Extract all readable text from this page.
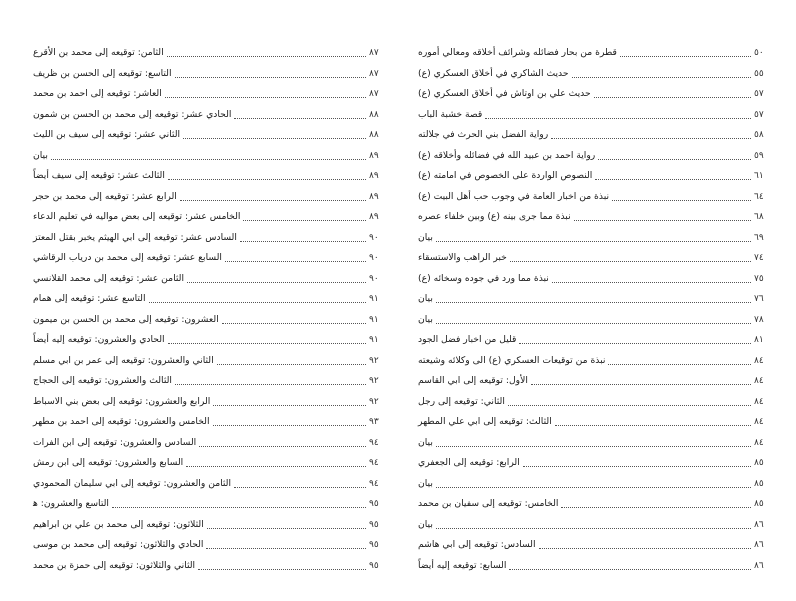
قطرة من بحار فضائله وشرائف أخلاقه ومعالي أموره	٥٠
حديث الشاكري في أخلاق العسكري (ع)	٥٥
حديث علي بن اوتاش في أخلاق العسكري (ع)	٥٧
قصة خشبة الباب	٥٧
رواية الفضل بني الحرث في جلالته	٥٨
رواية احمد بن عبيد الله في فضائله وأخلاقه (ع)	٥٩
النصوص الواردة على الخصوص في امامته (ع)	٦١
نبذة من اخبار العامة في وجوب حب أهل البيت (ع)	٦٤
نبذة مما جرى بينه (ع) وبين خلفاء عصره	٦٨
بيان	٦٩
خبر الراهب والاستسقاء	٧٤
نبذة مما ورد في جوده وسخائه (ع)	٧٥
بيان	٧٦
بيان	٧٨
قليل من اخبار فضل الجود	٨١
نبذة من توقيعات العسكري (ع) الى وكلائه وشيعته	٨٤
الأول: توقيعه إلى ابي القاسم	٨٤
الثاني: توقيعه إلى رجل	٨٤
الثالث: توقيعه إلى ابي علي المطهر	٨٤
بيان	٨٤
الرابع: توقيعه إلى الجعفري	٨٥
بيان	٨٥
الخامس: توقيعه إلى سفيان بن محمد	٨٥
بيان	٨٦
السادس: توقيعه إلى ابي هاشم	٨٦
السابع: توقيعه إليه أيضاً	٨٦
الثامن: توقيعه إلى محمد بن الأقرع	٨٧
التاسع: توقيعه إلى الحسن بن ظريف	٨٧
العاشر: توقيعه إلى احمد بن محمد	٨٧
الحادي عشر: توقيعه إلى محمد بن الحسن بن شمون	٨٨
الثاني عشر: توقيعه إلى سيف بن الليث	٨٨
بيان	٨٩
الثالث عشر: توقيعه إلى سيف أيضاً	٨٩
الرابع عشر: توقيعه إلى محمد بن حجر	٨٩
الخامس عشر: توقيعه إلى بعض مواليه في تعليم الدعاء	٨٩
السادس عشر: توقيعه إلى ابي الهيثم يخبر بقتل المعتز	٩٠
السابع عشر: توقيعه إلى محمد بن درياب الرقاشي	٩٠
الثامن عشر: توقيعه إلى محمد القلانسي	٩٠
التاسع عشر: توقيعه إلى همام	٩١
العشرون: توقيعه إلى محمد بن الحسن بن ميمون	٩١
الحادي والعشرون: توقيعه إليه أيضاً	٩١
الثاني والعشرون: توقيعه إلى عمر بن ابي مسلم	٩٢
الثالث والعشرون: توقيعه إلى الحجاج	٩٢
الرابع والعشرون: توقيعه إلى بعض بني الاسباط	٩٢
الخامس والعشرون: توقيعه إلى احمد بن مطهر	٩٣
السادس والعشرون: توقيعه إلى ابن الفرات	٩٤
السابع والعشرون: توقيعه إلى ابن رمش	٩٤
الثامن والعشرون: توقيعه إلى ابي سليمان المحمودي	٩٤
التاسع والعشرون: ﻫ	٩٥
الثلاثون: توقيعه إلى محمد بن علي بن ابراهيم	٩٥
الحادي والثلاثون: توقيعه إلى محمد بن موسى	٩٥
الثاني والثلاثون: توقيعه إلى حمزة بن محمد	٩٥
